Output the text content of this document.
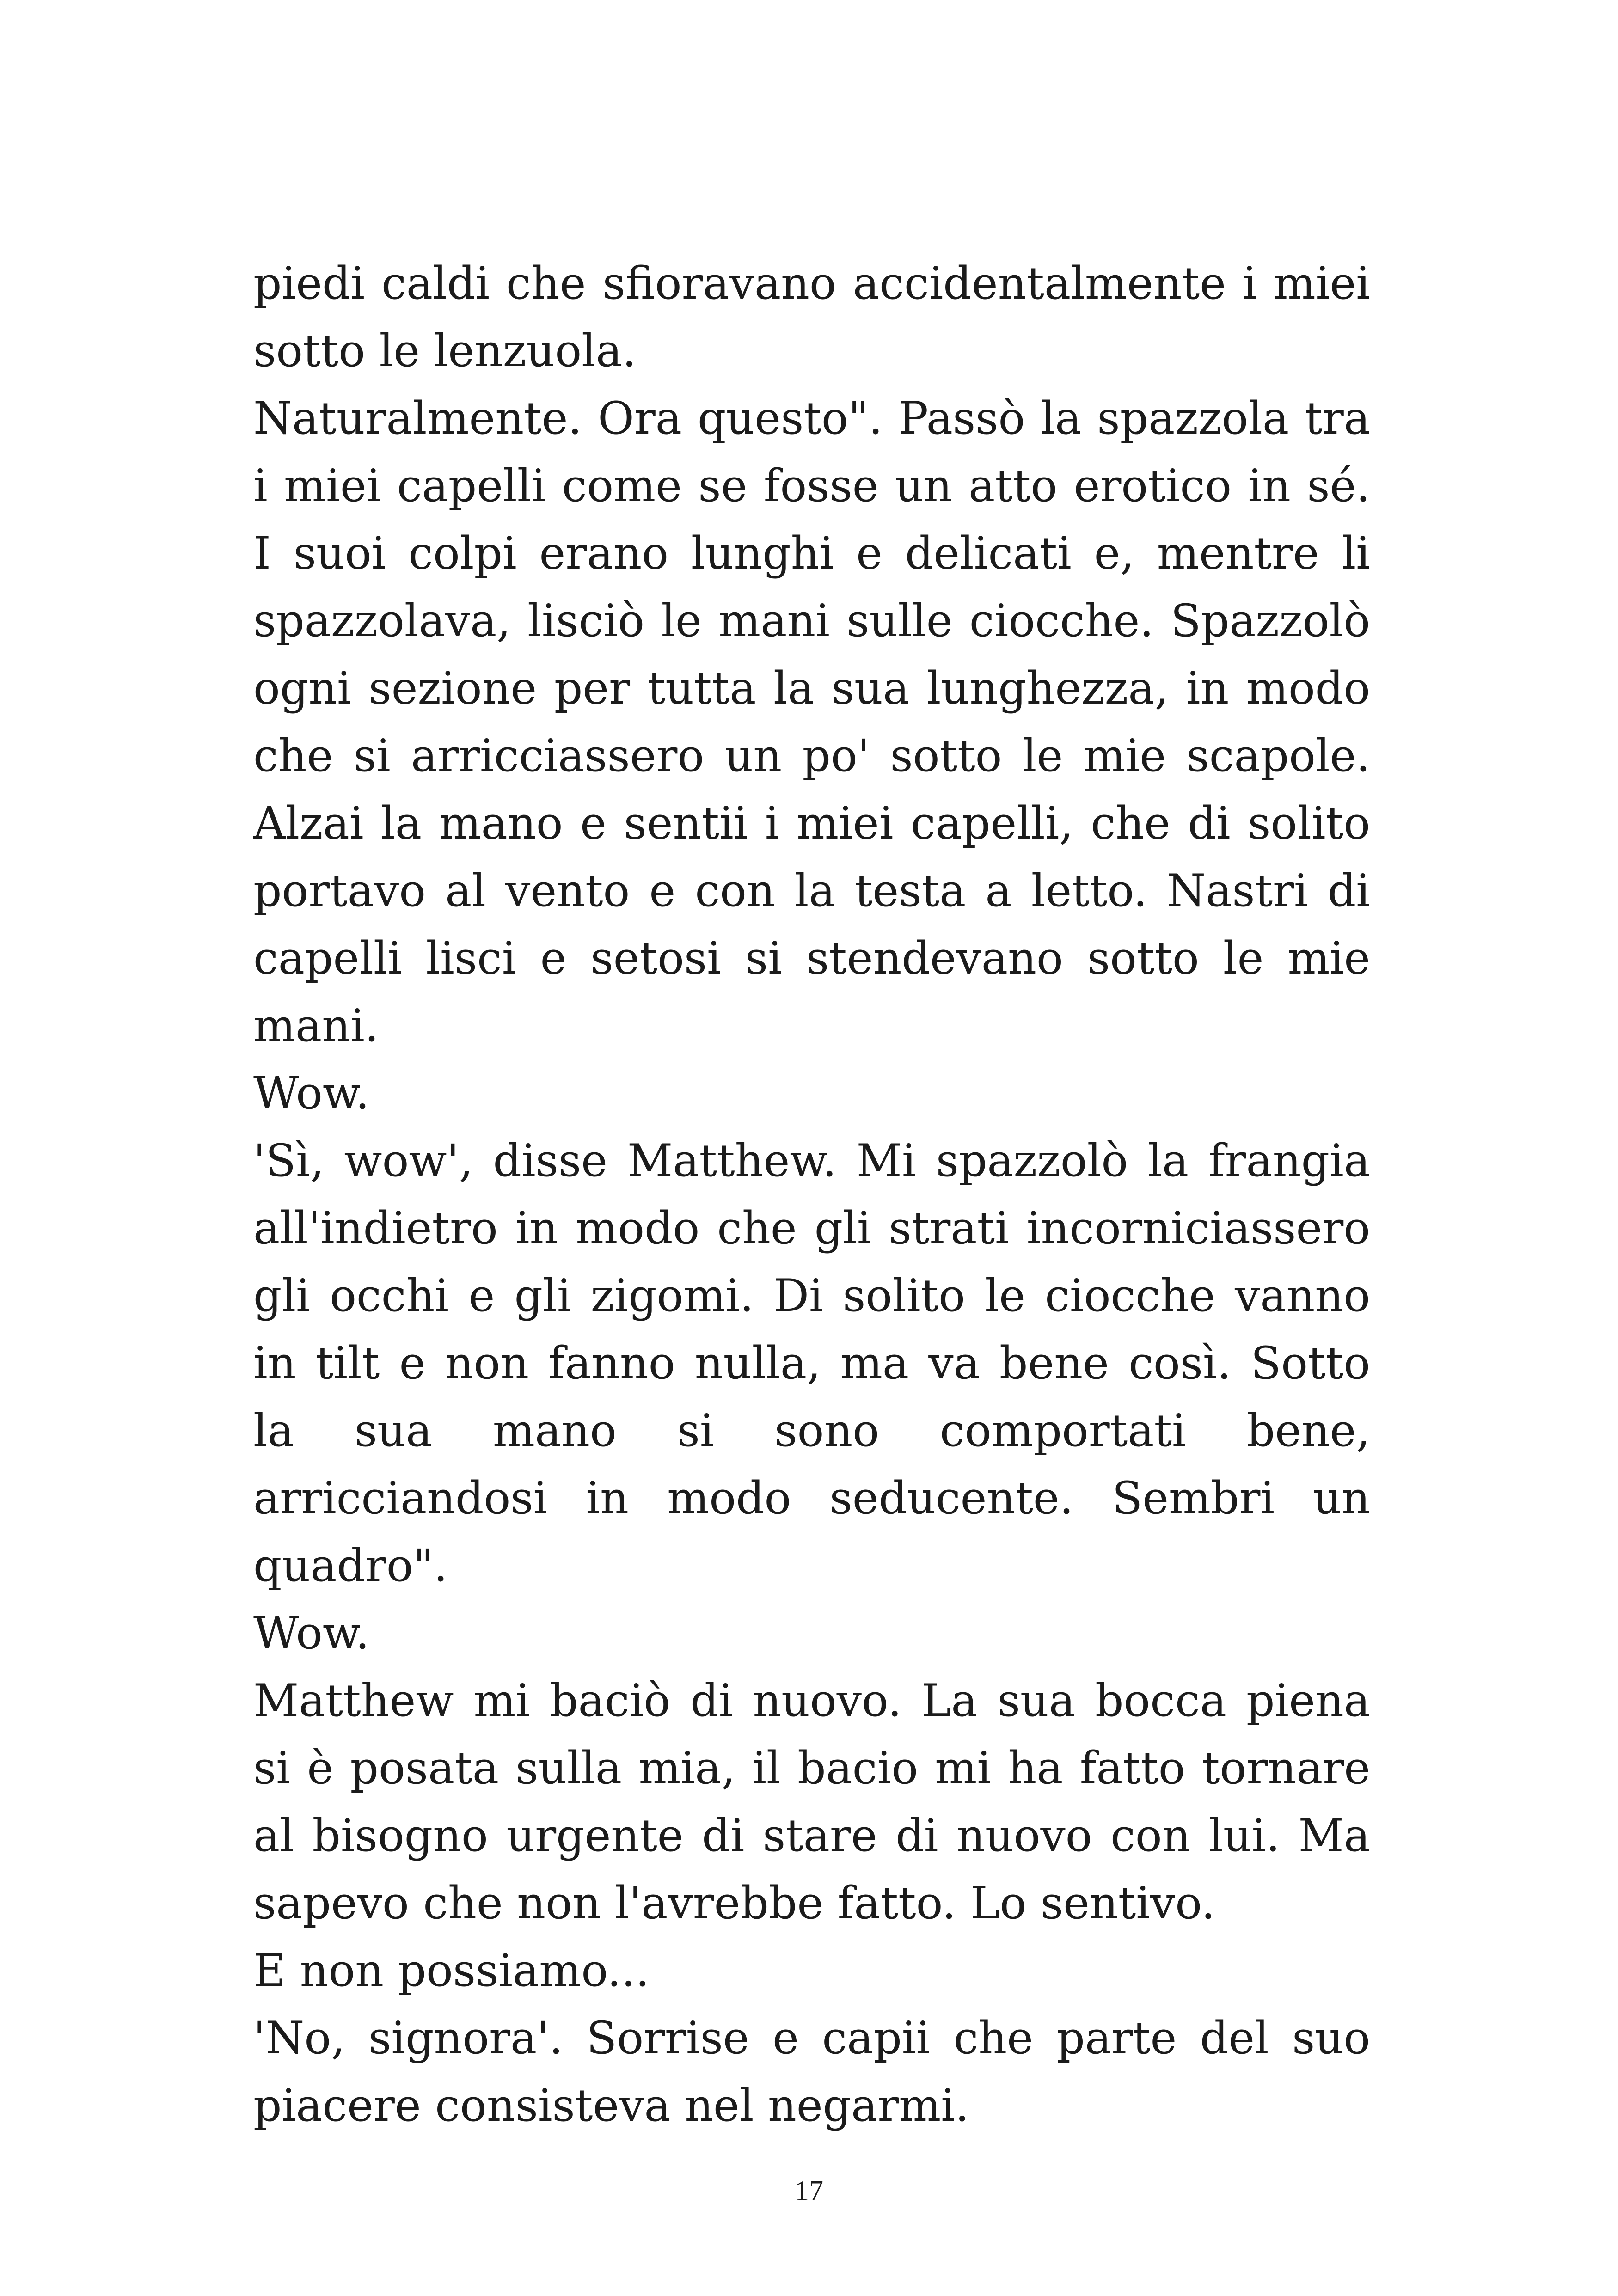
piedi caldi che sfioravano accidentalmente i miei sotto le lenzuola.

Naturalmente. Ora questo". Passò la spazzola tra i miei capelli come se fosse un atto erotico in sé. I suoi colpi erano lunghi e delicati e, mentre li spazzolava, lisciò le mani sulle ciocche. Spazzolò ogni sezione per tutta la sua lunghezza, in modo che si arricciassero un po' sotto le mie scapole. Alzai la mano e sentii i miei capelli, che di solito portavo al vento e con la testa a letto. Nastri di capelli lisci e setosi si stendevano sotto le mie mani.

Wow.

'Sì, wow', disse Matthew. Mi spazzolò la frangia all'indietro in modo che gli strati incorniciassero gli occhi e gli zigomi. Di solito le ciocche vanno in tilt e non fanno nulla, ma va bene così. Sotto la sua mano si sono comportati bene, arricciandosi in modo seducente. Sembri un quadro".

Wow.

Matthew mi baciò di nuovo. La sua bocca piena si è posata sulla mia, il bacio mi ha fatto tornare al bisogno urgente di stare di nuovo con lui. Ma sapevo che non l'avrebbe fatto. Lo sentivo.

E non possiamo...

'No, signora'. Sorrise e capii che parte del suo piacere consisteva nel negarmi.

17
